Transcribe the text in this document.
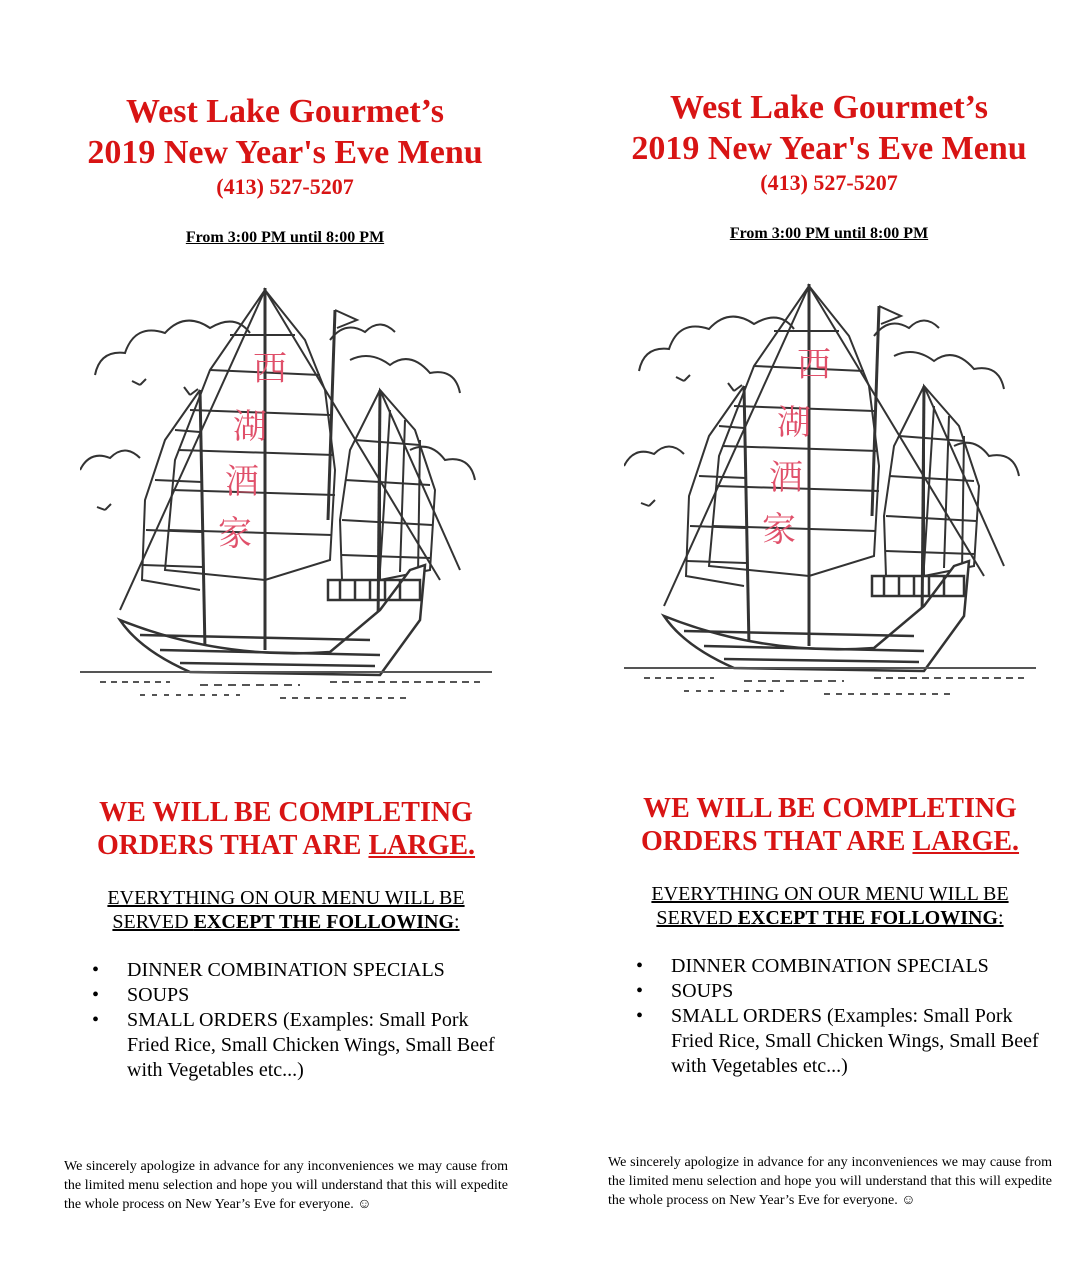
West Lake Gourmet’s
2019 New Year's Eve Menu
(413) 527-5207
From 3:00 PM until 8:00 PM
西
湖
酒
家
WE WILL BE COMPLETING
ORDERS THAT ARE LARGE.
EVERYTHING ON OUR MENU WILL BE
SERVED EXCEPT THE FOLLOWING:
• DINNER COMBINATION SPECIALS
• SOUPS
• SMALL ORDERS (Examples: Small Pork Fried Rice, Small Chicken Wings, Small Beef with Vegetables etc...)
We sincerely apologize in advance for any inconveniences we may cause from the limited menu selection and hope you will understand that this will expedite the whole process on New Year’s Eve for everyone. ☺
West Lake Gourmet’s
2019 New Year's Eve Menu
(413) 527-5207
From 3:00 PM until 8:00 PM
西
湖
酒
家
WE WILL BE COMPLETING
ORDERS THAT ARE LARGE.
EVERYTHING ON OUR MENU WILL BE
SERVED EXCEPT THE FOLLOWING:
• DINNER COMBINATION SPECIALS
• SOUPS
• SMALL ORDERS (Examples: Small Pork Fried Rice, Small Chicken Wings, Small Beef with Vegetables etc...)
We sincerely apologize in advance for any inconveniences we may cause from the limited menu selection and hope you will understand that this will expedite the whole process on New Year’s Eve for everyone. ☺
